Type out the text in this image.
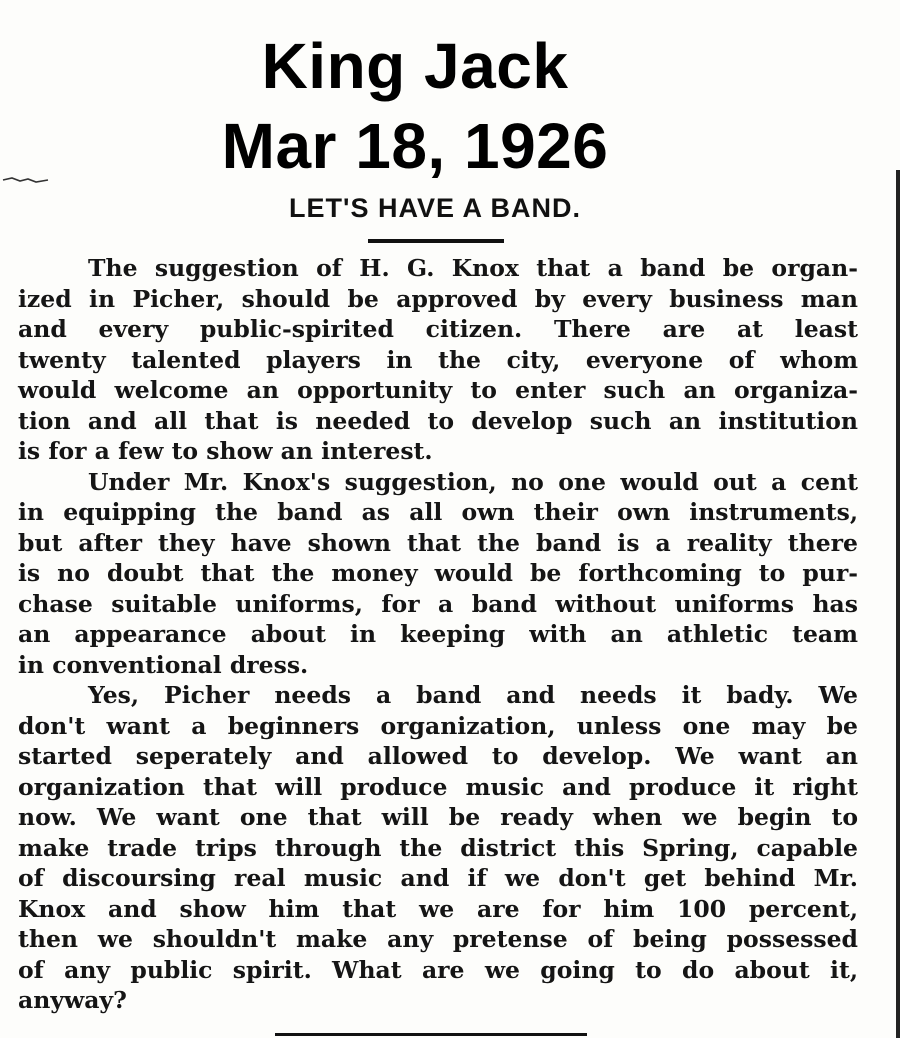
King Jack
Mar 18, 1926
LET'S HAVE A BAND.
The suggestion of H. G. Knox that a band be organ-
ized in Picher, should be approved by every business man
and every public-spirited citizen. There are at least
twenty talented players in the city, everyone of whom
would welcome an opportunity to enter such an organiza-
tion and all that is needed to develop such an institution
is for a few to show an interest.
Under Mr. Knox's suggestion, no one would out a cent
in equipping the band as all own their own instruments,
but after they have shown that the band is a reality there
is no doubt that the money would be forthcoming to pur-
chase suitable uniforms, for a band without uniforms has
an appearance about in keeping with an athletic team
in conventional dress.
Yes, Picher needs a band and needs it bady. We
don't want a beginners organization, unless one may be
started seperately and allowed to develop. We want an
organization that will produce music and produce it right
now. We want one that will be ready when we begin to
make trade trips through the district this Spring, capable
of discoursing real music and if we don't get behind Mr.
Knox and show him that we are for him 100 percent,
then we shouldn't make any pretense of being possessed
of any public spirit. What are we going to do about it,
anyway?
